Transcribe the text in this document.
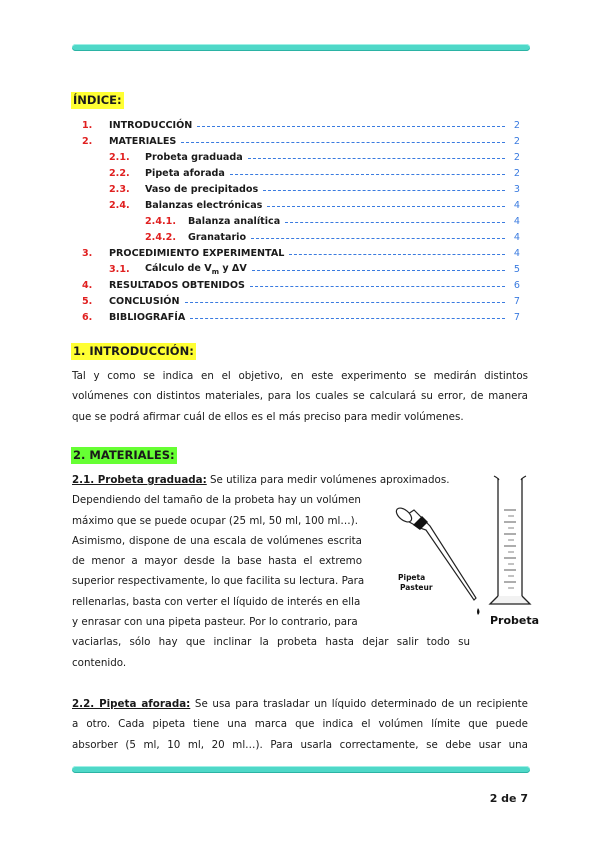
ÍNDICE:
1.	INTRODUCCIÓN	2
2.	MATERIALES	2
2.1.	Probeta graduada	2
2.2.	Pipeta aforada	2
2.3.	Vaso de precipitados	3
2.4.	Balanzas electrónicas	4
2.4.1.	Balanza analítica	4
2.4.2.	Granatario	4
3.	PROCEDIMIENTO EXPERIMENTAL	4
3.1.	Cálculo de $V_m$ y ΔV	5
4.	RESULTADOS OBTENIDOS	6
5.	CONCLUSIÓN	7
6.	BIBLIOGRAFÍA	7
1. INTRODUCCIÓN:

Tal y como se indica en el objetivo, en este experimento se medirán distintos
volúmenes con distintos materiales, para los cuales se calculará su error, de manera
que se podrá afirmar cuál de ellos es el más preciso para medir volúmenes.

2. MATERIALES:

2.1. Probeta graduada: Se utiliza para medir volúmenes aproximados.
Dependiendo del tamaño de la probeta hay un volúmen
máximo que se puede ocupar (25 ml, 50 ml, 100 ml…).
Asimismo, dispone de una escala de volúmenes escrita
de menor a mayor desde la base hasta el extremo
superior respectivamente, lo que facilita su lectura. Para
rellenarlas, basta con verter el líquido de interés en ella
y enrasar con una pipeta pasteur. Por lo contrario, para
vaciarlas, sólo hay que inclinar la probeta hasta dejar salir todo su
contenido.

Pipeta
Pasteur
Probeta

2.2. Pipeta aforada: Se usa para trasladar un líquido determinado de un recipiente
a otro. Cada pipeta tiene una marca que indica el volúmen límite que puede
absorber (5 ml, 10 ml, 20 ml…). Para usarla correctamente, se debe usar una

2 de 7
